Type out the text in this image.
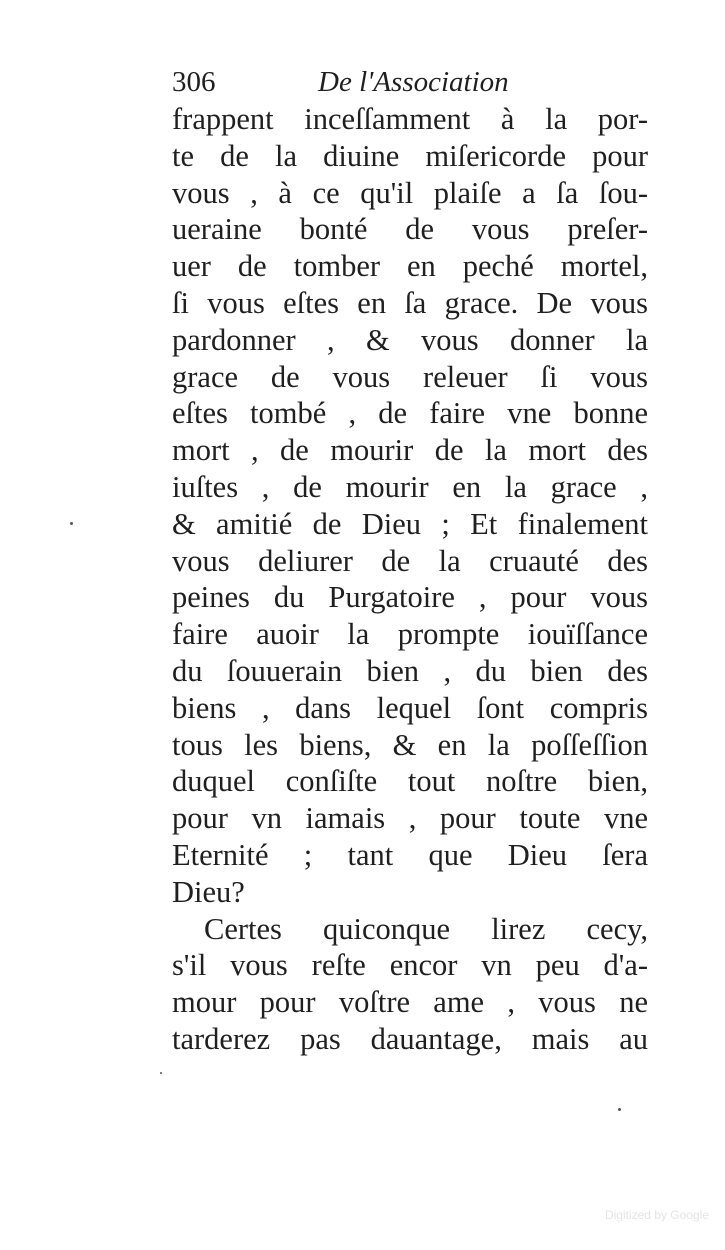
306	De l'Association
frappent inceſſamment à la por-
te de la diuine miſericorde pour
vous , à ce qu'il plaiſe a ſa ſou-
ueraine bonté de vous preſer-
uer de tomber en peché mortel,
ſi vous eſtes en ſa grace. De vous
pardonner , & vous donner la
grace de vous releuer ſi vous
eſtes tombé , de faire vne bonne
mort , de mourir de la mort des
iuſtes , de mourir en la grace ,
& amitié de Dieu ; Et finalement
vous deliurer de la cruauté des
peines du Purgatoire , pour vous
faire auoir la prompte iouïſſance
du ſouuerain bien , du bien des
biens , dans lequel ſont compris
tous les biens, & en la poſſeſſion
duquel conſiſte tout noſtre bien,
pour vn iamais , pour toute vne
Eternité ; tant que Dieu ſera
Dieu?
Certes quiconque lirez cecy,
s'il vous reſte encor vn peu d'a-
mour pour voſtre ame , vous ne
tarderez pas dauantage, mais au
Digitized by Google
